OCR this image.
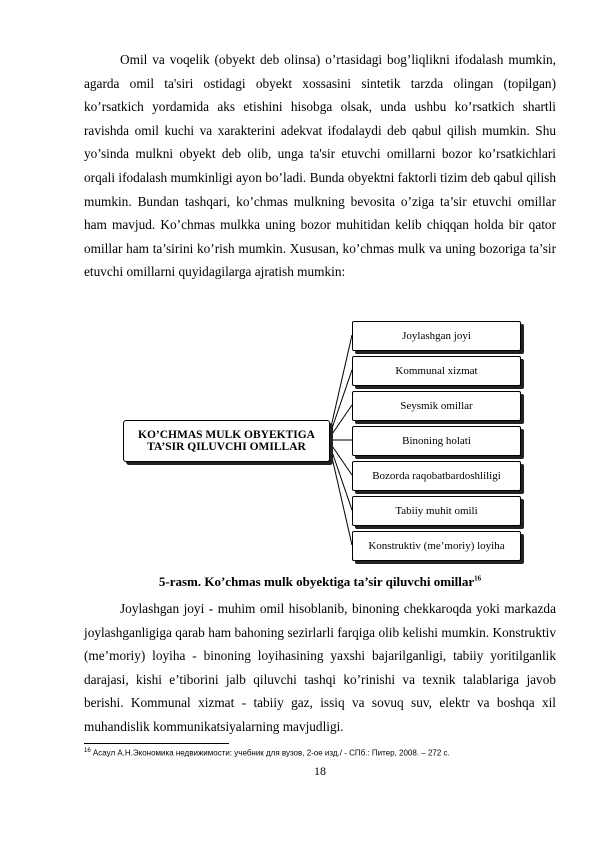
Omil va voqelik (obyekt deb olinsa) o’rtasidagi bog’liqlikni ifodalash mumkin, agarda omil ta'siri ostidagi obyekt xossasini sintetik tarzda olingan (topilgan) ko’rsatkich yordamida aks etishini hisobga olsak, unda ushbu ko’rsatkich shartli ravishda omil kuchi va xarakterini adekvat ifodalaydi deb qabul qilish mumkin. Shu yo’sinda mulkni obyekt deb olib, unga ta'sir etuvchi omillarni bozor ko’rsatkichlari orqali ifodalash mumkinligi ayon bo’ladi. Bunda obyektni faktorli tizim deb qabul qilish mumkin. Bundan tashqari, ko’chmas mulkning bevosita o’ziga ta’sir etuvchi omillar ham mavjud. Ko’chmas mulkka uning bozor muhitidan kelib chiqqan holda bir qator omillar ham ta’sirini ko’rish mumkin. Xususan, ko’chmas mulk va uning bozoriga ta’sir etuvchi omillarni quyidagilarga ajratish mumkin:

KO’CHMAS MULK OBYEKTIGA TA’SIR QILUVCHI OMILLAR
Joylashgan joyi
Kommunal xizmat
Seysmik omillar
Binoning holati
Bozorda raqobatbardoshliligi
Tabiiy muhit omili
Konstruktiv (me’moriy) loyiha
5-rasm. Ko’chmas mulk obyektiga ta’sir qiluvchi omillar$^{16}$

Joylashgan joyi - muhim omil hisoblanib, binoning chekkaroqda yoki markazda joylashganligiga qarab ham bahoning sezirlarli farqiga olib kelishi mumkin. Konstruktiv (me’moriy) loyiha - binoning loyihasining yaxshi bajarilganligi, tabiiy yoritilganlik darajasi, kishi e’tiborini jalb qiluvchi tashqi ko’rinishi va texnik talablariga javob berishi. Kommunal xizmat - tabiiy gaz, issiq va sovuq suv, elektr va boshqa xil muhandislik kommunikatsiyalarning mavjudligi.

$^{16}$ Асаул А.Н.Экономика недвижимости: учебник для вузов, 2-ое изд./ - СПб.: Питер, 2008. – 272 с.
18
